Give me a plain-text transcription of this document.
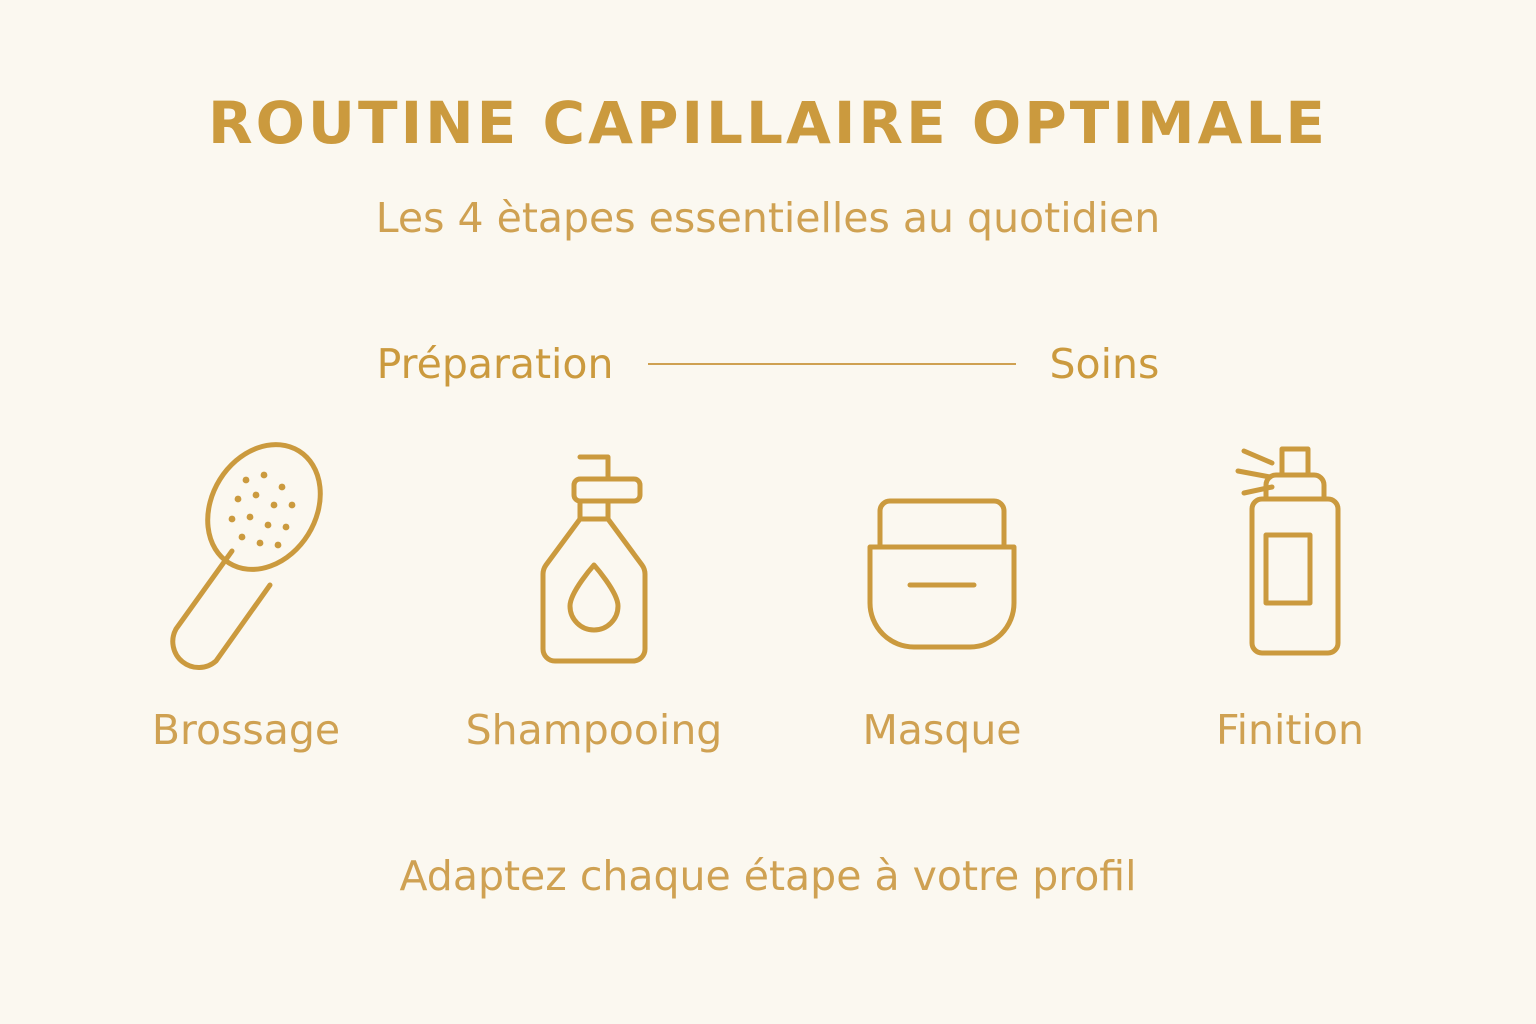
ROUTINE CAPILLAIRE OPTIMALE
Les 4 ètapes essentielles au quotidien
Préparation	Soins
Brossage	Shampooing	Masque	Finition
Adaptez chaque étape à votre profil
